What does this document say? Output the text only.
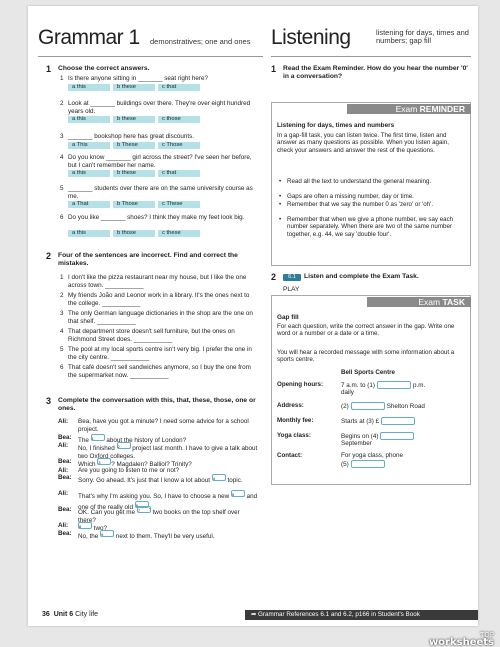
Grammar 1 demonstratives; one and ones
1 Choose the correct answers.
1 Is there anyone sitting in _______ seat right here?
a this	b these	c that
2 Look at _______ buildings over there. They're over eight hundred years old.
a this	b these	c those
3 _______ bookshop here has great discounts.
a This	b These	c Those
4 Do you know _______ girl across the street? I've seen her before, but I can't remember her name.
a this	b these	c that
5 _______ students over there are on the same university course as me.
a That	b Those	c These
6 Do you like _______ shoes? I think they make my feet look big.
a this	b those	c these
2 Four of the sentences are incorrect. Find and correct the mistakes.
1 I don't like the pizza restaurant near my house, but I like the one across town. ___________
2 My friends João and Leonor work in a library. It's the ones next to the college. ___________
3 The only German language dictionaries in the shop are the one on that shelf. ___________
4 That department store doesn't sell furniture, but the ones on Richmond Street does. ___________
5 The pool at my local sports centre isn't very big. I prefer the one in the city centre. ___________
6 That café doesn't sell sandwiches anymore, so I buy the one from the supermarket now. ___________
3 Complete the conversation with this, that, these, those, one or ones.
Ali: Bea, have you got a minute? I need some advice for a school project.
Bea: The $^1$ about the history of London?
Ali: No, I finished $^2$ project last month. I have to give a talk about two Oxford colleges.
Bea: Which $^3$ ? Magdalen? Balliol? Trinity?
Ali: Are you going to listen to me or not?
Bea: Sorry. Go ahead. It's just that I know a lot about $^4$ topic.
Ali: That's why I'm asking you. So, I have to choose a new $^5$ and one of the really old $^6$ .
Bea: OK. Can you get me $^7$ two books on the top shelf over there?
Ali:	$^8$ two?
Bea: No, the $^9$ next to them. They'll be very useful.
Listening	listening for days, times and numbers; gap fill
1 Read the Exam Reminder. How do you hear the number '0' in a conversation?
Exam REMINDER
Listening for days, times and numbers
In a gap-fill task, you can listen twice. The first time, listen and answer as many questions as possible. When you listen again, check your answers and answer the rest of the questions.
• Read all the text to understand the general meaning.
• Gaps are often a missing number, day or time.
• Remember that we say the number 0 as 'zero' or 'oh'.
• Remember that when we give a phone number, we say each number separately. When there are two of the same number together, e.g. 44, we say 'double four'.
2	6.1	Listen and complete the Exam Task.
PLAY
Exam TASK
Gap fill
For each question, write the correct answer in the gap. Write one word or a number or a date or a time.
You will hear a recorded message with some information about a sports centre.
Bell Sports Centre
Opening hours:	7 a.m. to (1)	p.m.
daily
Address:	(2)	Shelton Road
Monthly fee:	Starts at (3) £
Yoga class:	Begins on (4)
September
Contact:	For yoga class, phone
(5)
36 Unit 6 City life	➦ Grammar References 6.1 and 6.2, p166 in Student's Book
TOP
worksheets
